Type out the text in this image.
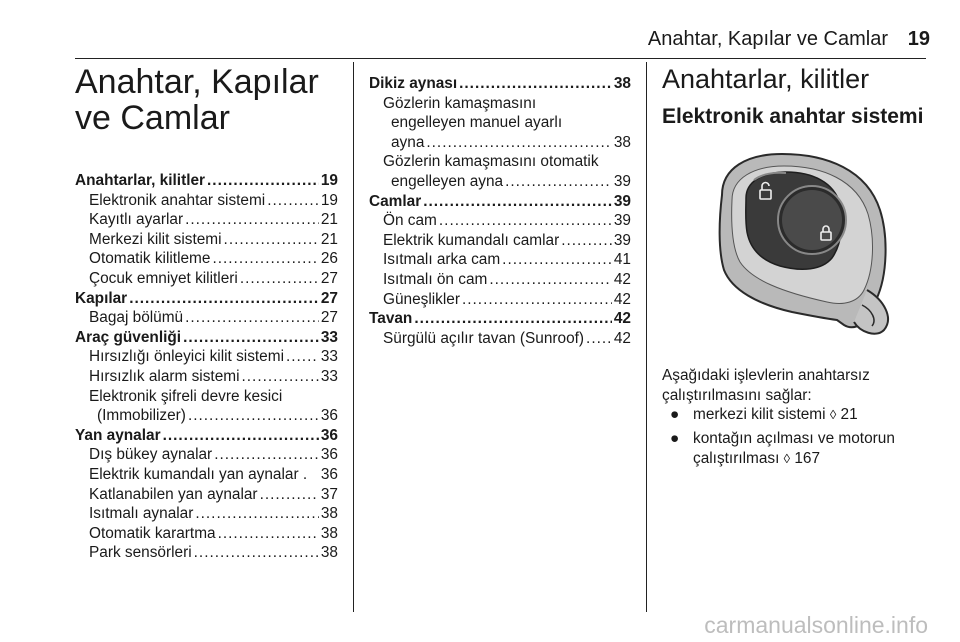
Anahtar, Kapılar ve Camlar 19
Anahtar, Kapılar ve Camlar
Anahtarlar, kilitler .....	19
Elektronik anahtar sistemi .....	19
Kayıtlı ayarlar .....	21
Merkezi kilit sistemi .....	21
Otomatik kilitleme .....	26
Çocuk emniyet kilitleri .....	27
Kapılar .....	27
Bagaj bölümü .....	27
Araç güvenliği .....	33
Hırsızlığı önleyici kilit sistemi ..... 33
Hırsızlık alarm sistemi .....	33
Elektronik şifreli devre kesici
(Immobilizer) .....	36
Yan aynalar .....	36
Dış bükey aynalar .....	36
Elektrik kumandalı yan aynalar . 36
Katlanabilen yan aynalar .....	37
Isıtmalı aynalar .....	38
Otomatik karartma .....	38
Park sensörleri .....	38
Dikiz aynası .....	38
Gözlerin kamaşmasını
engelleyen manuel ayarlı
ayna .....	38
Gözlerin kamaşmasını otomatik
engelleyen ayna .....	39
Camlar .....	39
Ön cam .....	39
Elektrik kumandalı camlar .....	39
Isıtmalı arka cam .....	41
Isıtmalı ön cam .....	42
Güneşlikler .....	42
Tavan .....	42
Sürgülü açılır tavan (Sunroof) ..... 42
Anahtarlar, kilitler
Elektronik anahtar sistemi
Aşağıdaki işlevlerin anahtarsız
çalıştırılmasını sağlar:
● merkezi kilit sistemi ◊ 21
● kontağın açılması ve motorun
çalıştırılması ◊ 167
carmanualsonline.info
